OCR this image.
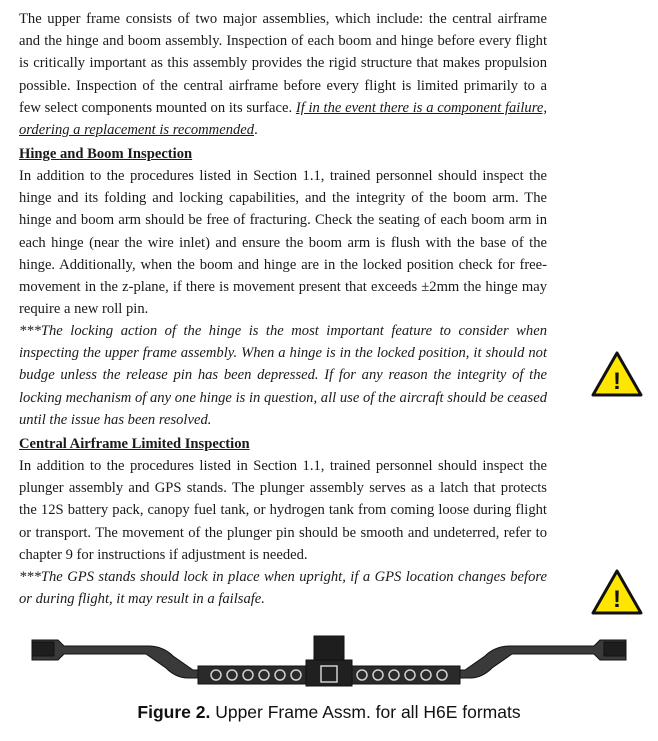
The upper frame consists of two major assemblies, which include: the central airframe and the hinge and boom assembly. Inspection of each boom and hinge before every flight is critically important as this assembly provides the rigid structure that makes propulsion possible. Inspection of the central airframe before every flight is limited primarily to a few select components mounted on its surface. If in the event there is a component failure, ordering a replacement is recommended.

Hinge and Boom Inspection

In addition to the procedures listed in Section 1.1, trained personnel should inspect the hinge and its folding and locking capabilities, and the integrity of the boom arm. The hinge and boom arm should be free of fracturing. Check the seating of each boom arm in each hinge (near the wire inlet) and ensure the boom arm is flush with the base of the hinge. Additionally, when the boom and hinge are in the locked position check for free-movement in the z-plane, if there is movement present that exceeds ±2mm the hinge may require a new roll pin.

***The locking action of the hinge is the most important feature to consider when inspecting the upper frame assembly. When a hinge is in the locked position, it should not budge unless the release pin has been depressed. If for any reason the integrity of the locking mechanism of any one hinge is in question, all use of the aircraft should be ceased until the issue has been resolved.

Central Airframe Limited Inspection

In addition to the procedures listed in Section 1.1, trained personnel should inspect the plunger assembly and GPS stands. The plunger assembly serves as a latch that protects the 12S battery pack, canopy fuel tank, or hydrogen tank from coming loose during flight or transport. The movement of the plunger pin should be smooth and undeterred, refer to chapter 9 for instructions if adjustment is needed.

***The GPS stands should lock in place when upright, if a GPS location changes before or during flight, it may result in a failsafe.

!
!
Figure 2. Upper Frame Assm. for all H6E formats
